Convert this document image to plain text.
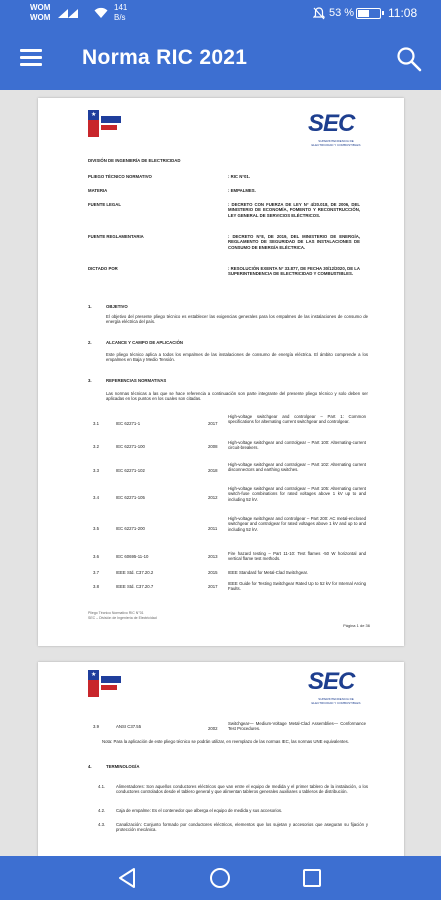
WOM
WOM
141
B/s	53 %	11:08
Norma RIC 2021
★	SEC
SUPERINTENDENCIA DE ELECTRICIDAD Y COMBUSTIBLES
DIVISIÓN DE INGENIERÍA DE ELECTRICIDAD
PLIEGO TÉCNICO NORMATIVO	: RIC N°01.
MATERIA	: EMPALMES.
FUENTE LEGAL	: DECRETO CON FUERZA DE LEY N° 4/20.018, DE 2006, DEL MINISTERIO DE ECONOMÍA, FOMENTO Y RECONSTRUCCIÓN, LEY GENERAL DE SERVICIOS ELÉCTRICOS.
FUENTE REGLAMENTARIA	: DECRETO N°8, DE 2019, DEL MINISTERIO DE ENERGÍA, REGLAMENTO DE SEGURIDAD DE LAS INSTALACIONES DE CONSUMO DE ENERGÍA ELÉCTRICA.
DICTADO POR	: RESOLUCIÓN EXENTA N° 33.877, DE FECHA 30/12/2020, DE LA SUPERINTENDENCIA DE ELECTRICIDAD Y COMBUSTIBLES.
1.	OBJETIVO
El objetivo del presente pliego técnico es establecer las exigencias generales para los empalmes de las instalaciones de consumo de energía eléctrica del país.
2.	ALCANCE Y CAMPO DE APLICACIÓN
Este pliego técnico aplica a todos los empalmes de las instalaciones de consumo de energía eléctrica. El ámbito comprende a los empalmes en Baja y Medio Tensión.
3.	REFERENCIAS NORMATIVAS
Las normas técnicas a las que se hace referencia a continuación son parte integrante del presente pliego técnico y solo deben ser aplicadas en los puntos en los cuales son citadas.
3.1	IEC 62271-1	2017
High-voltage switchgear and controlgear – Part 1: Common specifications for alternating current switchgear and controlgear.
3.2	IEC 62271-100	2008
High-voltage switchgear and controlgear – Part 100: Alternating-current circuit-breakers.
3.3	IEC 62271-102	2018
High-voltage switchgear and controlgear – Part 102: Alternating current disconnectors and earthing switches.
3.4	IEC 62271-105	2012
High-voltage switchgear and controlgear – Part 105: Alternating current switch-fuse combinations for rated voltages above 1 kV up to and including 52 kV.
3.5	IEC 62271-200	2011
High-voltage switchgear and controlgear – Part 200: AC metal-enclosed switchgear and controlgear for rated voltages above 1 kV and up to and including 52 kV.
3.6	IEC 60695-11-10	2013
Fire hazard testing – Part 11-10: Test flames -50 W horizontal and vertical flame test methods.
3.7	IEEE Std. C37.20.2	2015 IEEE Standard for Metal-Clad Switchgear.
3.8	IEEE Std. C37.20.7	2017
IEEE Guide for Testing Switchgear Rated Up to 52 kV for Internal Arcing Faults.
Pliego Técnico Normativo RIC N°01
SEC – División de Ingeniería de Electricidad
Página 1 de 36
★	SEC
SUPERINTENDENCIA DE ELECTRICIDAD Y COMBUSTIBLES
3.9	ANSI C37.55	2002
Switchgear— Medium-Voltage Metal-Clad Assemblies— Conformance Test Procedures.
Nota: Para la aplicación de este pliego técnico se podrán utilizar, en reemplazo de las normas IEC, las normas UNE equivalentes.
4.	TERMINOLOGÍA
4.1.	Alimentadores: Son aquellos conductores eléctricos que van entre el equipo de medida y el primer tablero de la instalación, o los conductores controlados desde el tablero general y que alimentan tableros generales auxiliares o tableros de distribución.
4.2.	Caja de empalme: Es el contenedor que alberga el equipo de medida y sus accesorios.
4.3.	Canalización: Conjunto formado por conductores eléctricos, elementos que los sujetan y accesorios que aseguran su fijación y protección mecánica.
